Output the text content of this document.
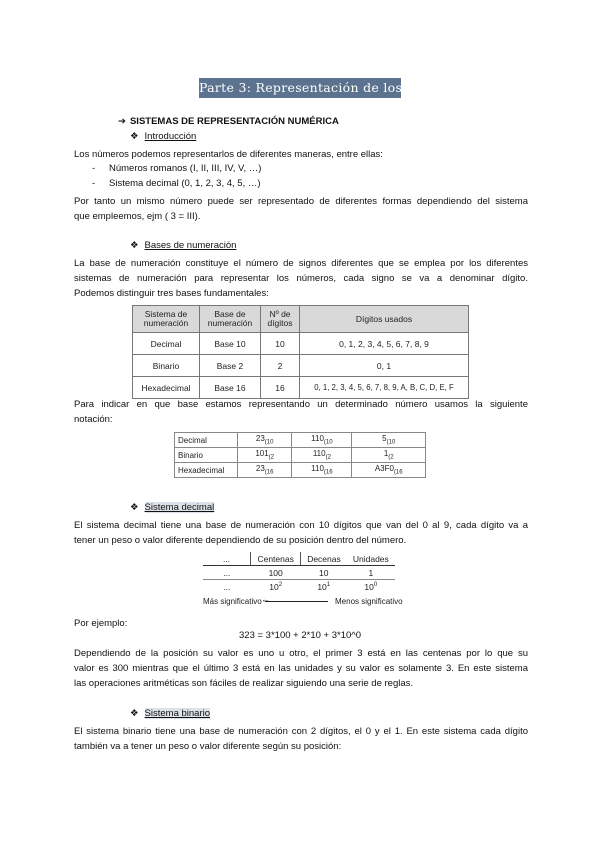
Parte 3: Representación de los datos
➔ SISTEMAS DE REPRESENTACIÓN NUMÉRICA
❖ Introducción
Los números podemos representarlos de diferentes maneras, entre ellas:
- Números romanos (I, II, III, IV, V, …)
- Sistema decimal (0, 1, 2, 3, 4, 5, …)
Por tanto un mismo número puede ser representado de diferentes formas dependiendo del sistema
que empleemos, ejm ( 3 = III).
❖ Bases de numeración
La base de numeración constituye el número de signos diferentes que se emplea por los diferentes
sistemas de numeración para representar los números, cada signo se va a denominar dígito.
Podemos distinguir tres bases fundamentales:
Sistema de numeración	Base de numeración	Nº de dígitos	Dígitos usados
Decimal	Base 10	10	0, 1, 2, 3, 4, 5, 6, 7, 8, 9
Binario	Base 2	2	0, 1
Hexadecimal	Base 16	16	0, 1, 2, 3, 4, 5, 6, 7, 8, 9, A, B, C, D, E, F
Para indicar en que base estamos representando un determinado número usamos la siguiente
notación:
Decimal	$23_{(10}$	$110_{(10}$	$5_{(10}$
Binario	$101_{(2}$	$110_{(2}$	$1_{(2}$
Hexadecimal	$23_{(16}$	$110_{(16}$	$A3F0_{(16}$
❖ Sistema decimal
El sistema decimal tiene una base de numeración con 10 dígitos que van del 0 al 9, cada dígito va a
tener un peso o valor diferente dependiendo de su posición dentro del número.
...	Centenas	Decenas	Unidades
...	100	10	1
...	$10^2$	$10^1$	$10^0$
Más significativo ←	Menos significativo
Por ejemplo:
323 = 3*100 + 2*10 + 3*10^0
Dependiendo de la posición su valor es uno u otro, el primer 3 está en las centenas por lo que su
valor es 300 mientras que el último 3 está en las unidades y su valor es solamente 3. En este sistema
las operaciones aritméticas son fáciles de realizar siguiendo una serie de reglas.
❖ Sistema binario
El sistema binario tiene una base de numeración con 2 dígitos, el 0 y el 1. En este sistema cada dígito
también va a tener un peso o valor diferente según su posición:
